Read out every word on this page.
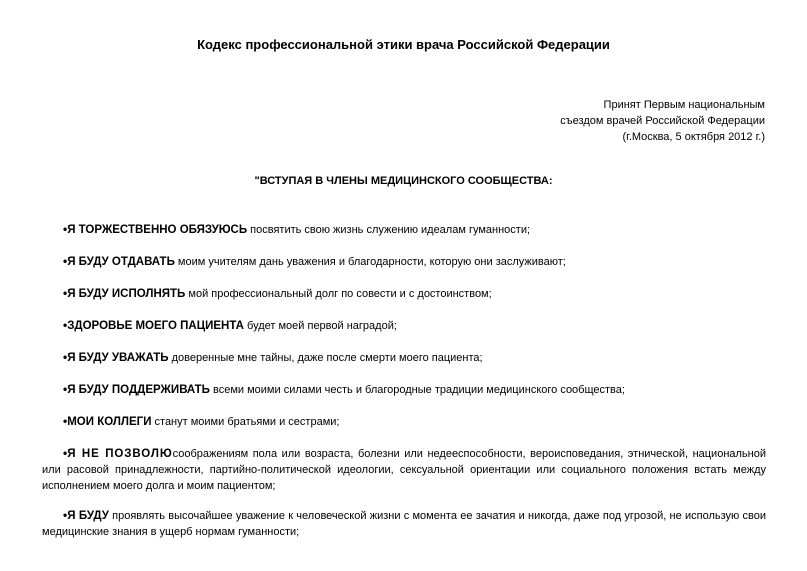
Кодекс профессиональной этики врача Российской Федерации
Принят Первым национальным
съездом врачей Российской Федерации
(г.Москва, 5 октября 2012 г.)
"ВСТУПАЯ В ЧЛЕНЫ МЕДИЦИНСКОГО СООБЩЕСТВА:

•Я ТОРЖЕСТВЕННО ОБЯЗУЮСЬ посвятить свою жизнь служению идеалам гуманности;

•Я БУДУ ОТДАВАТЬ моим учителям дань уважения и благодарности, которую они заслуживают;

•Я БУДУ ИСПОЛНЯТЬ мой профессиональный долг по совести и с достоинством;

•ЗДОРОВЬЕ МОЕГО ПАЦИЕНТА будет моей первой наградой;

•Я БУДУ УВАЖАТЬ доверенные мне тайны, даже после смерти моего пациента;

•Я БУДУ ПОДДЕРЖИВАТЬ всеми моими силами честь и благородные традиции медицинского сообщества;

•МОИ КОЛЛЕГИ станут моими братьями и сестрами;

•Я НЕ ПОЗВОЛЮсоображениям пола или возраста, болезни или недееспособности, вероисповедания, этнической, национальной или расовой принадлежности, партийно-политической идеологии, сексуальной ориентации или социального положения встать между исполнением моего долга и моим пациентом;

•Я БУДУ проявлять высочайшее уважение к человеческой жизни с момента ее зачатия и никогда, даже под угрозой, не использую свои медицинские знания в ущерб нормам гуманности;
